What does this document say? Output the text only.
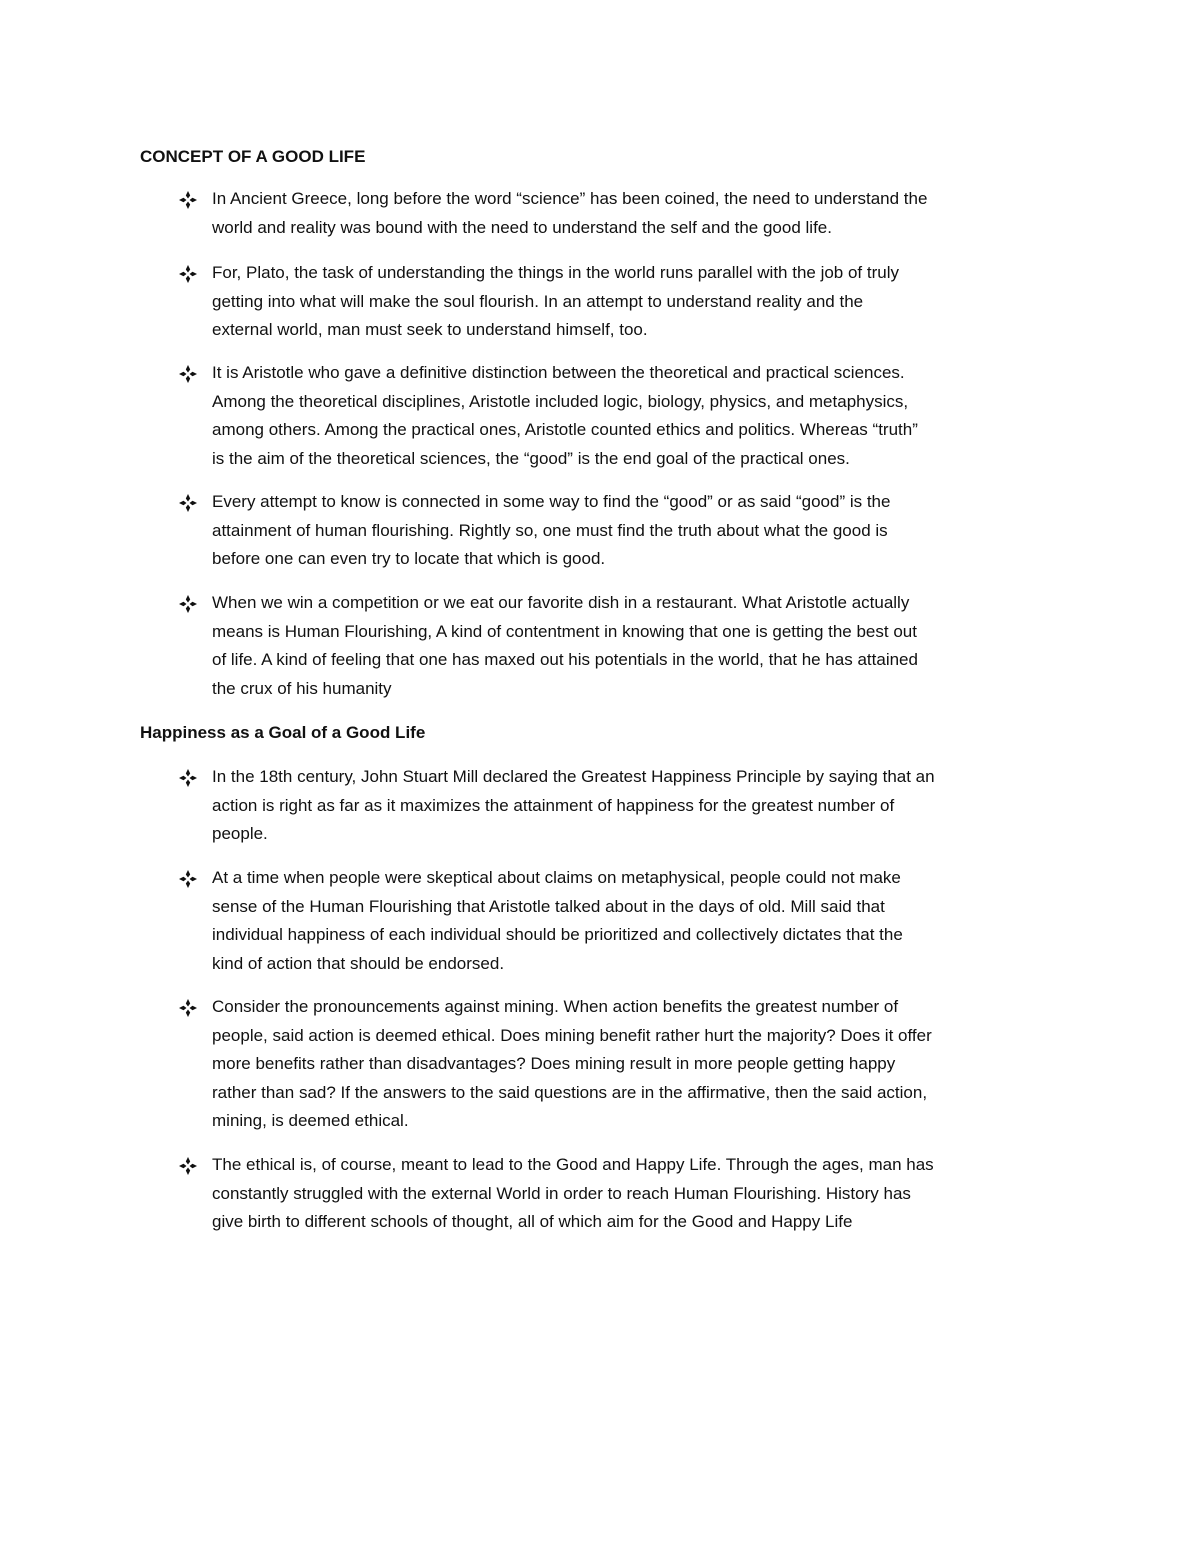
CONCEPT OF A GOOD LIFE
In Ancient Greece, long before the word “science” has been coined, the need to understand the
world and reality was bound with the need to understand the self and the good life.
For, Plato, the task of understanding the things in the world runs parallel with the job of truly
getting into what will make the soul flourish. In an attempt to understand reality and the
external world, man must seek to understand himself, too.
It is Aristotle who gave a definitive distinction between the theoretical and practical sciences.
Among the theoretical disciplines, Aristotle included logic, biology, physics, and metaphysics,
among others. Among the practical ones, Aristotle counted ethics and politics. Whereas “truth”
is the aim of the theoretical sciences, the “good” is the end goal of the practical ones.
Every attempt to know is connected in some way to find the “good” or as said “good” is the
attainment of human flourishing. Rightly so, one must find the truth about what the good is
before one can even try to locate that which is good.
When we win a competition or we eat our favorite dish in a restaurant. What Aristotle actually
means is Human Flourishing, A kind of contentment in knowing that one is getting the best out
of life. A kind of feeling that one has maxed out his potentials in the world, that he has attained
the crux of his humanity
Happiness as a Goal of a Good Life
In the 18th century, John Stuart Mill declared the Greatest Happiness Principle by saying that an
action is right as far as it maximizes the attainment of happiness for the greatest number of
people.
At a time when people were skeptical about claims on metaphysical, people could not make
sense of the Human Flourishing that Aristotle talked about in the days of old. Mill said that
individual happiness of each individual should be prioritized and collectively dictates that the
kind of action that should be endorsed.
Consider the pronouncements against mining. When action benefits the greatest number of
people, said action is deemed ethical. Does mining benefit rather hurt the majority? Does it offer
more benefits rather than disadvantages? Does mining result in more people getting happy
rather than sad? If the answers to the said questions are in the affirmative, then the said action,
mining, is deemed ethical.
The ethical is, of course, meant to lead to the Good and Happy Life. Through the ages, man has
constantly struggled with the external World in order to reach Human Flourishing. History has
give birth to different schools of thought, all of which aim for the Good and Happy Life
